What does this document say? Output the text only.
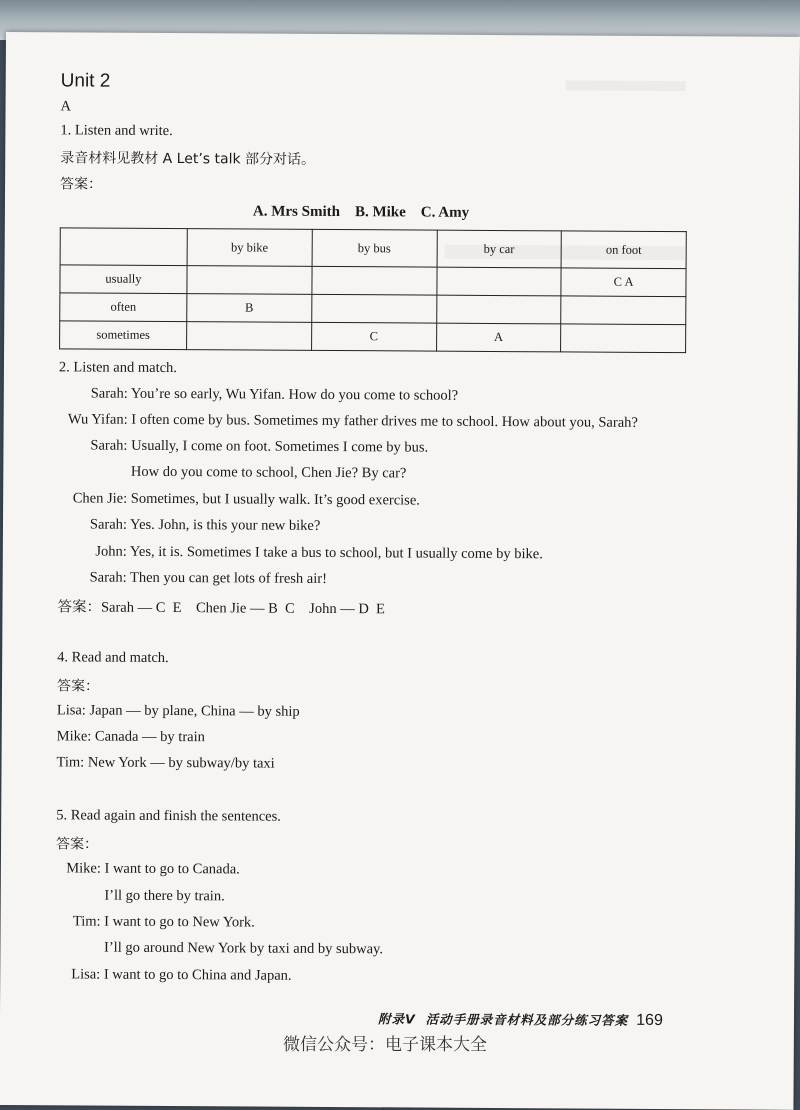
Unit 2
A
1. Listen and write.
录音材料见教材 A Let’s talk 部分对话。
答案：
A. Mrs Smith    B. Mike    C. Amy
	by bike	by bus	by car	on foot
usually				C A
often	B			
sometimes		C	A	
2. Listen and match.
Sarah: You’re so early, Wu Yifan. How do you come to school?
Wu Yifan: I often come by bus. Sometimes my father drives me to school. How about you, Sarah?
Sarah: Usually, I come on foot. Sometimes I come by bus.
How do you come to school, Chen Jie? By car?
Chen Jie: Sometimes, but I usually walk. It’s good exercise.
Sarah: Yes. John, is this your new bike?
John: Yes, it is. Sometimes I take a bus to school, but I usually come by bike.
Sarah: Then you can get lots of fresh air!
答案：Sarah — C  E    Chen Jie — B  C    John — D  E
4. Read and match.
答案：
Lisa: Japan — by plane, China — by ship
Mike: Canada — by train
Tim: New York — by subway/by taxi
5. Read again and finish the sentences.
答案：
Mike: I want to go to Canada.
I’ll go there by train.
Tim: I want to go to New York.
I’ll go around New York by taxi and by subway.
Lisa: I want to go to China and Japan.
附录V 活动手册录音材料及部分练习答案 169
微信公众号：电子课本大全
